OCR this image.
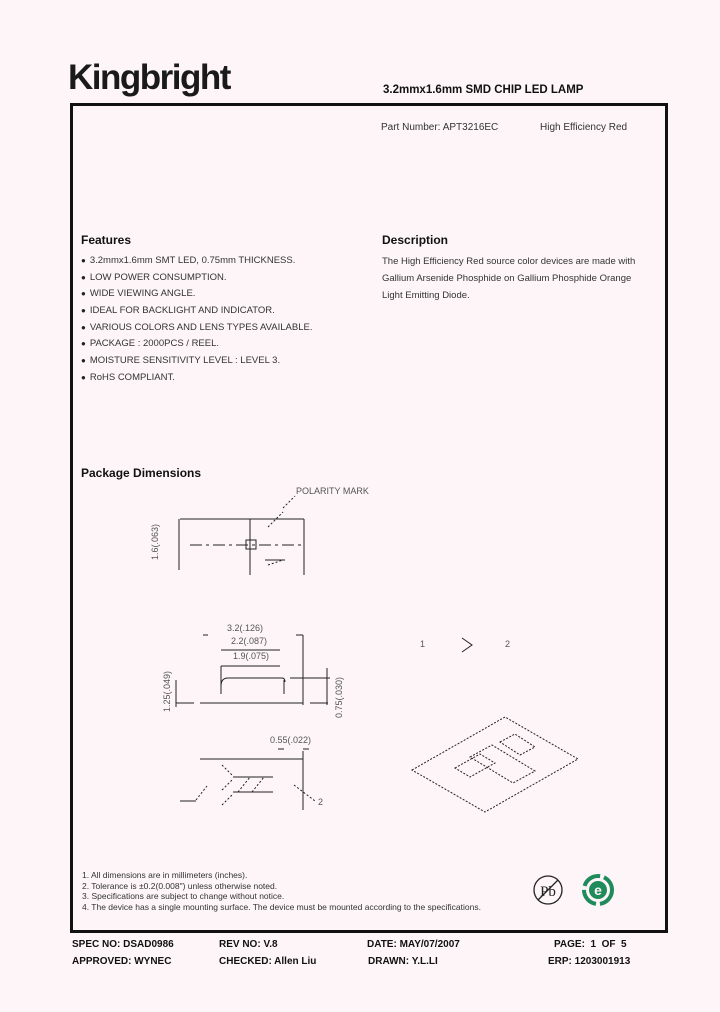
Kingbright	3.2mmx1.6mm SMD CHIP LED LAMP
Part Number: APT3216EC	High Efficiency Red
Features
● 3.2mmx1.6mm SMT LED, 0.75mm THICKNESS.
● LOW POWER CONSUMPTION.
● WIDE VIEWING ANGLE.
● IDEAL FOR BACKLIGHT AND INDICATOR.
● VARIOUS COLORS AND LENS TYPES AVAILABLE.
● PACKAGE : 2000PCS / REEL.
● MOISTURE SENSITIVITY LEVEL : LEVEL 3.
● RoHS COMPLIANT.
Description

The High Efficiency Red source color devices are made with Gallium Arsenide Phosphide on Gallium Phosphide Orange Light Emitting Diode.

Package Dimensions
POLARITY MARK
1.6(.063)
3.2(.126)
2.2(.087)
1.9(.075)
1.25(.049)	0.75(.030)
0.55(.022)
1	2
2
1. All dimensions are in millimeters (inches).
2. Tolerance is ±0.2(0.008") unless otherwise noted.
3. Specifications are subject to change without notice.
4. The device has a single mounting surface. The device must be mounted according to the specifications.
Pb	e
SPEC NO: DSAD0986	REV NO: V.8	DATE: MAY/07/2007	PAGE:  1  OF  5
APPROVED: WYNEC	CHECKED: Allen Liu	DRAWN: Y.L.LI	ERP: 1203001913
